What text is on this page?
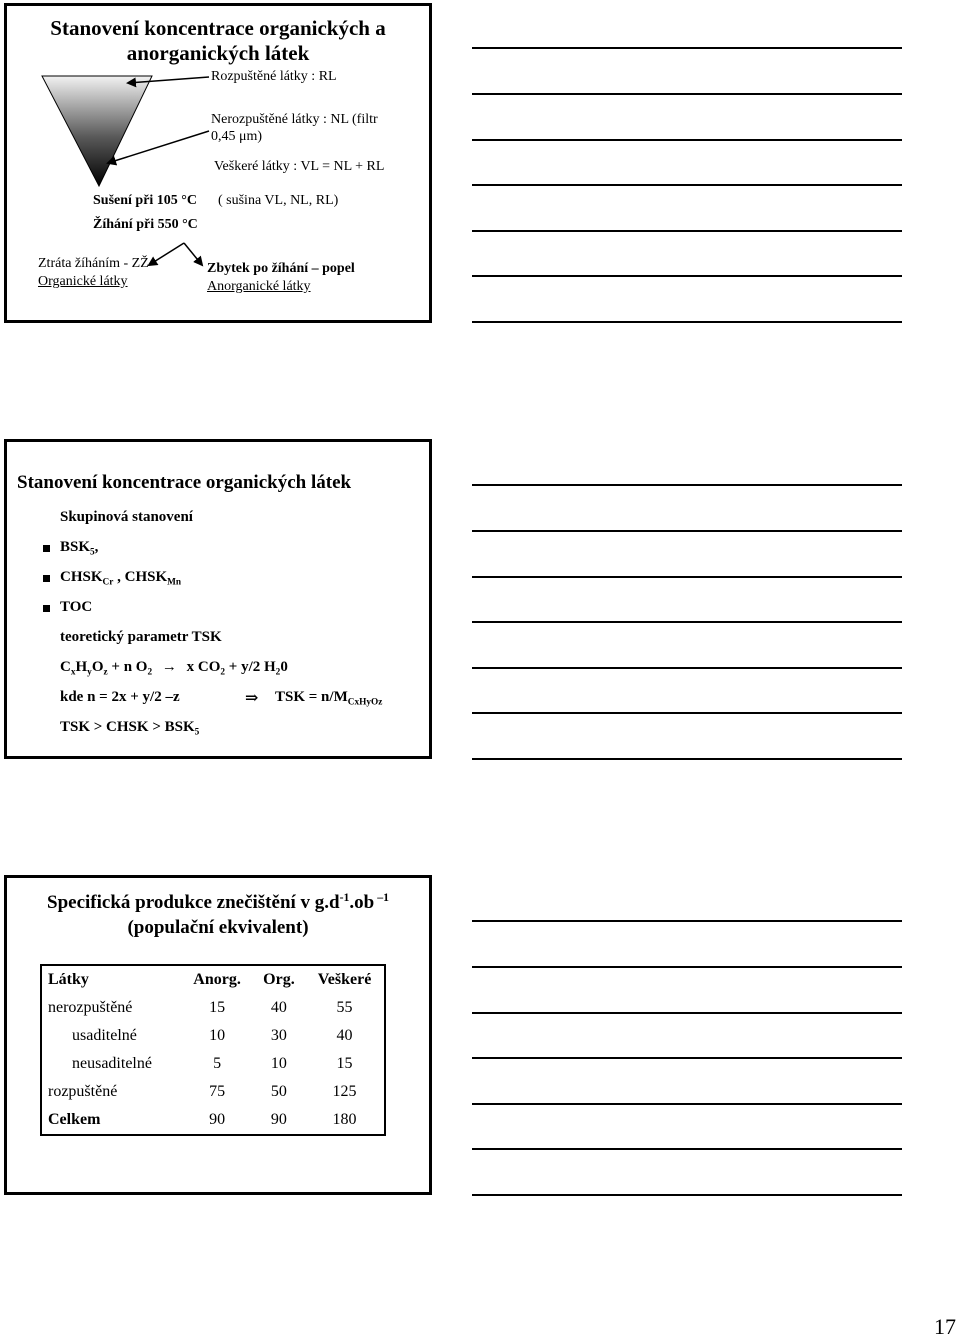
Stanovení koncentrace organických a
anorganických látek
Rozpuštěné látky : RL
Nerozpuštěné látky : NL (filtr
0,45 μm)
Veškeré látky : VL = NL + RL
Sušení při 105 °C ( sušina VL, NL, RL)
Žíhání při 550 °C
Ztráta žíháním - ZŽ
Organické látky
Zbytek po žíhání – popel
Anorganické látky
Stanovení koncentrace organických látek
Skupinová stanovení
$BSK_5$,
$CHSK_{Cr}$ , $CHSK_{Mn}$
TOC
teoretický parametr TSK
$C_xH_yO_z + n$ $O_2 \to x$ $CO_2 + y/2$ $H_20$
kde n = 2x + y/2 –z	⇒ TSK = $n/M_{CxHyOz}$
TSK > CHSK > $BSK_5$
Specifická produkce znečištění v $g.d^{-1}.ob$ $^{-1}$
(populační ekvivalent)
Látky	Anorg.	Org.	Veškeré
nerozpuštěné	15	40	55
usaditelné	10	30	40
neusaditelné	5	10	15
rozpuštěné	75	50	125
Celkem	90	90	180
17
